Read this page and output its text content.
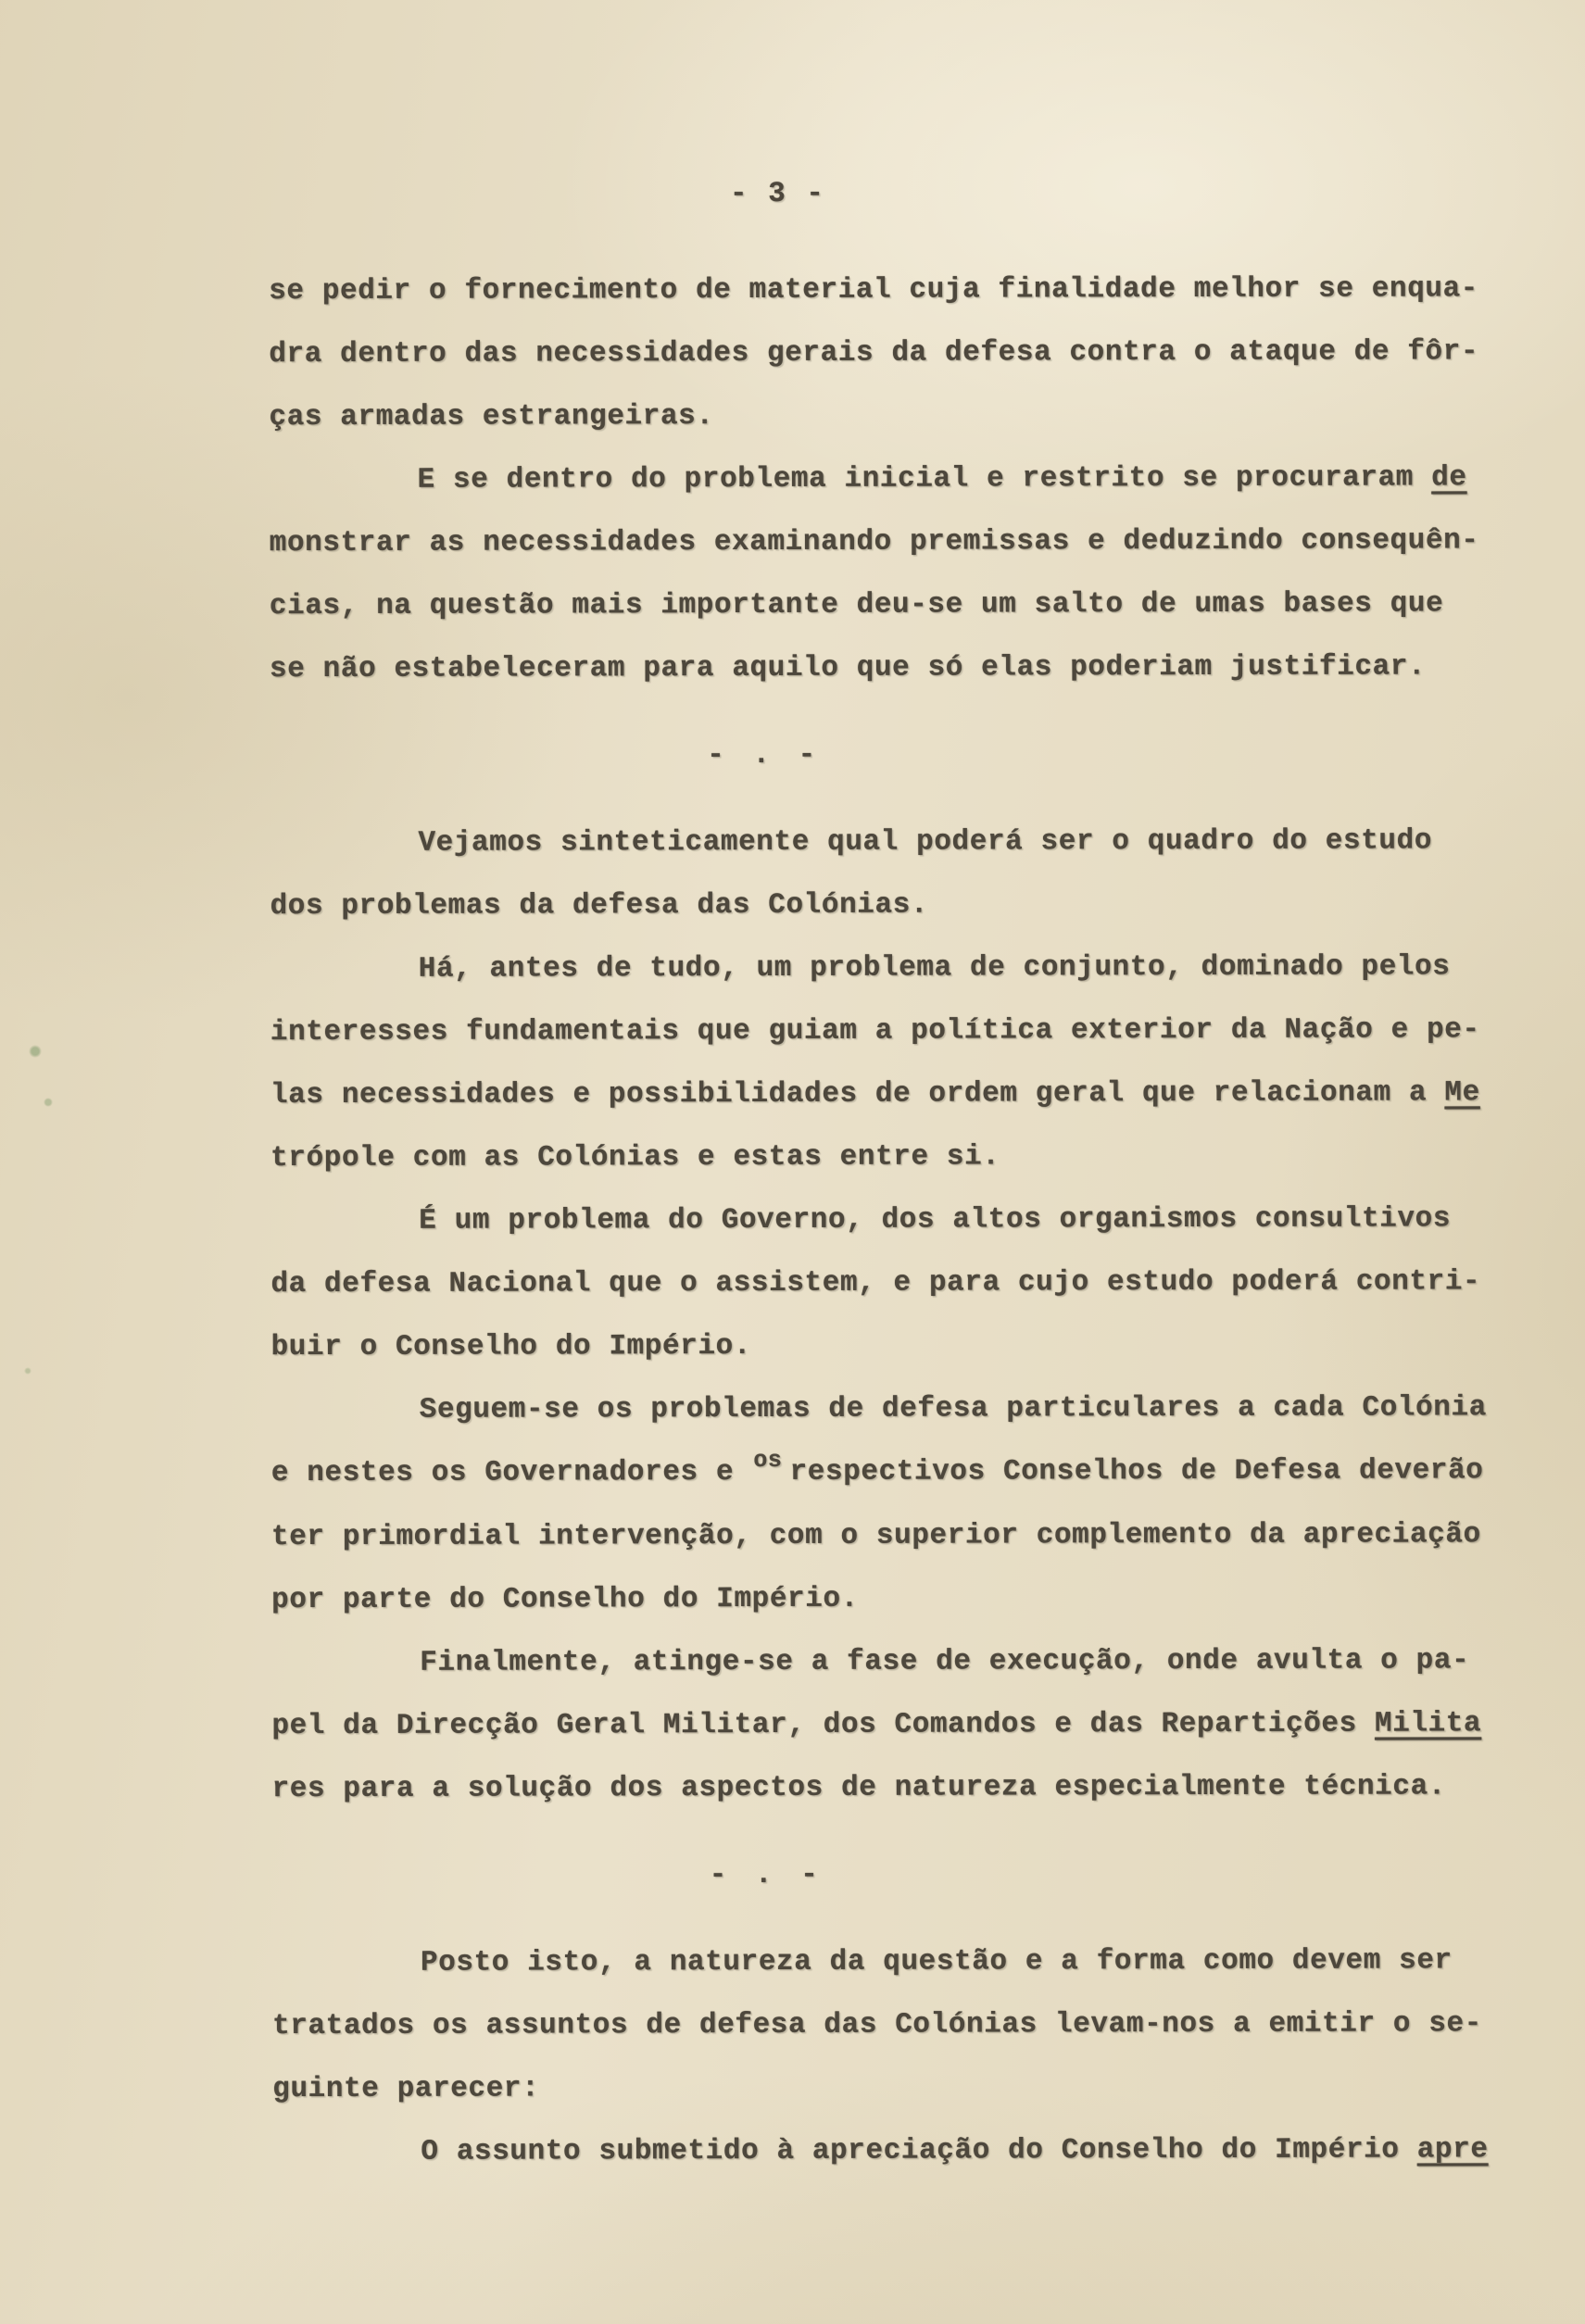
- 3 -
se pedir o fornecimento de material cuja finalidade melhor se enqua-
dra dentro das necessidades gerais da defesa contra o ataque de fôr-
ças armadas estrangeiras.
E se dentro do problema inicial e restrito se procuraram de
monstrar as necessidades examinando premissas e deduzindo consequên-
cias, na questão mais importante deu-se um salto de umas bases que
se não estabeleceram para aquilo que só elas poderiam justificar.
- . -
Vejamos sinteticamente qual poderá ser o quadro do estudo
dos problemas da defesa das Colónias.
Há, antes de tudo, um problema de conjunto, dominado pelos
interesses fundamentais que guiam a política exterior da Nação e pe-
las necessidades e possibilidades de ordem geral que relacionam a Me
trópole com as Colónias e estas entre si.
É um problema do Governo, dos altos organismos consultivos
da defesa Nacional que o assistem, e para cujo estudo poderá contri-
buir o Conselho do Império.
Seguem-se os problemas de defesa particulares a cada Colónia
e nestes os Governadores e $^{os}$ respectivos Conselhos de Defesa deverão
ter primordial intervenção, com o superior complemento da apreciação
por parte do Conselho do Império.
Finalmente, atinge-se a fase de execução, onde avulta o pa-
pel da Direcção Geral Militar, dos Comandos e das Repartições Milita
res para a solução dos aspectos de natureza especialmente técnica.
- . -
Posto isto, a natureza da questão e a forma como devem ser
tratados os assuntos de defesa das Colónias levam-nos a emitir o se-
guinte parecer:
O assunto submetido à apreciação do Conselho do Império apre
